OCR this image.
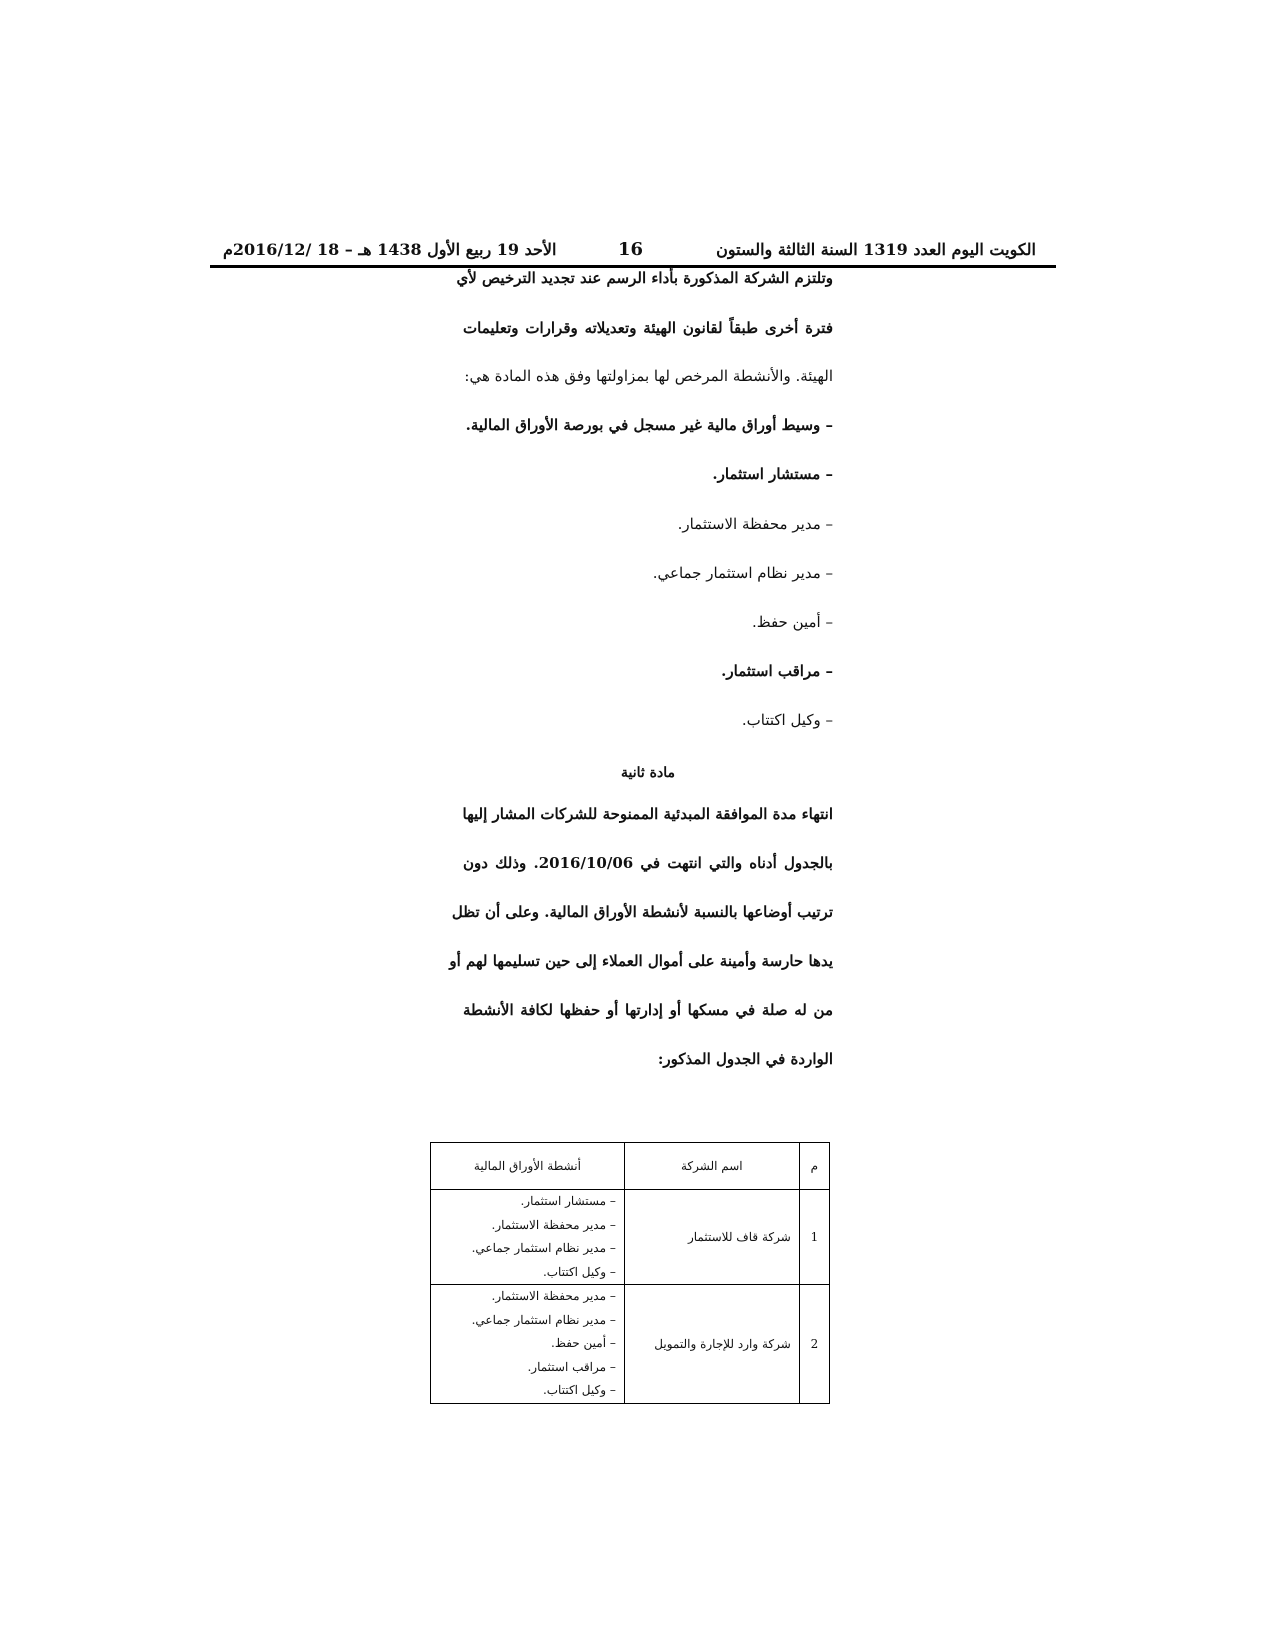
الكويت اليوم العدد 1319 السنة الثالثة والستون
16
الأحد 19 ربيع الأول 1438 هـ – 18 /2016/12م
وتلتزم الشركة المذكورة بأداء الرسم عند تجديد الترخيص لأي
فترة أخرى طبقاً لقانون الهيئة وتعديلاته وقرارات وتعليمات
الهيئة. والأنشطة المرخص لها بمزاولتها وفق هذه المادة هي:
– وسيط أوراق مالية غير مسجل في بورصة الأوراق المالية.
– مستشار استثمار.
– مدير محفظة الاستثمار.
– مدير نظام استثمار جماعي.
– أمين حفظ.
– مراقب استثمار.
– وكيل اكتتاب.
مادة ثانية
انتهاء مدة الموافقة المبدئية الممنوحة للشركات المشار إليها
بالجدول أدناه والتي انتهت في 2016/10/06. وذلك دون
ترتيب أوضاعها بالنسبة لأنشطة الأوراق المالية. وعلى أن تظل
يدها حارسة وأمينة على أموال العملاء إلى حين تسليمها لهم أو
من له صلة في مسكها أو إدارتها أو حفظها لكافة الأنشطة
الواردة في الجدول المذكور:
م	اسم الشركة	أنشطة الأوراق المالية
1	شركة قاف للاستثمار	– مستشار استثمار.
– مدير محفظة الاستثمار.
– مدير نظام استثمار جماعي.
– وكيل اكتتاب.

2	شركة وارد للإجارة والتمويل	– مدير محفظة الاستثمار.
– مدير نظام استثمار جماعي.
– أمين حفظ.
– مراقب استثمار.
– وكيل اكتتاب.
